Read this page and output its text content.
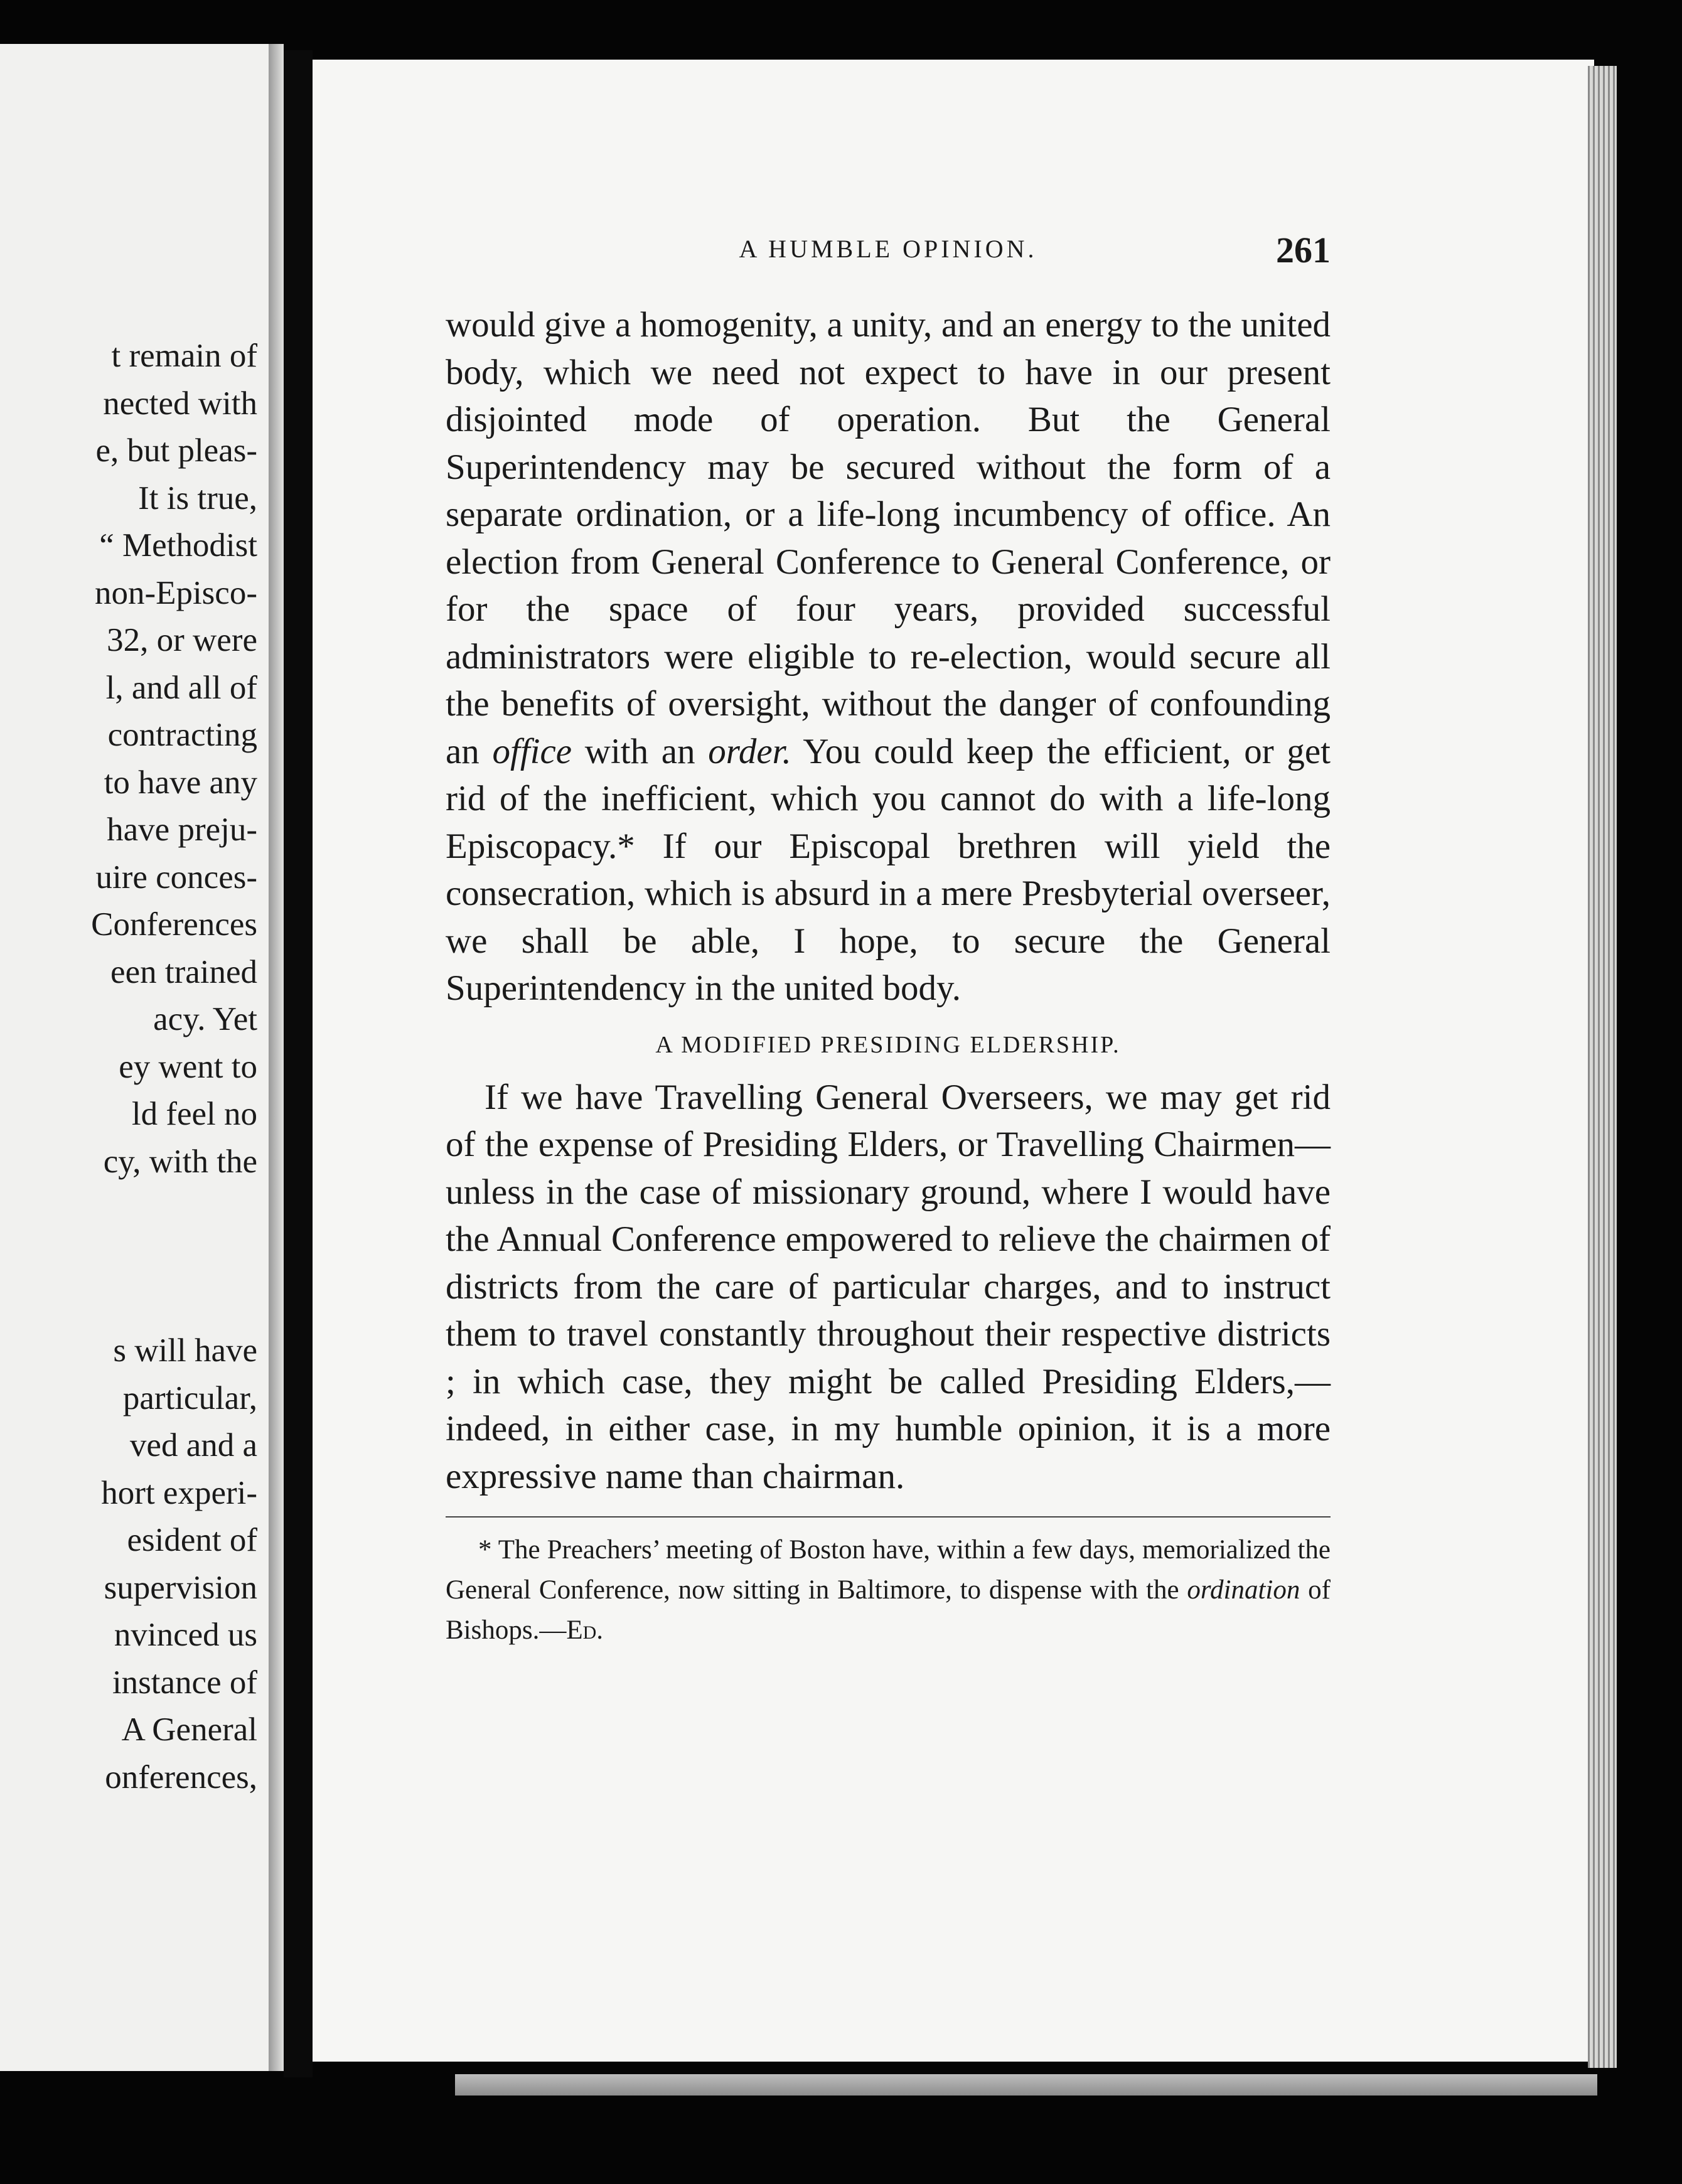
t remain of
nected with
e, but pleas-
It is true,
“ Methodist
non-Episco-
32, or were
l, and all of
contracting
to have any
have preju-
uire conces-
Conferences
een trained
acy. Yet
ey went to
ld feel no
cy, with the
s will have
particular,
ved and a
hort experi-
esident of
supervision
nvinced us
instance of
A General
onferences,
A HUMBLE OPINION.	261

would give a homogenity, a unity, and an energy to the united body, which we need not expect to have in our present disjointed mode of operation. But the General Superintendency may be secured without the form of a separate ordination, or a life-long incumbency of office. An election from General Conference to General Conference, or for the space of four years, provided successful administrators were eligible to re-election, would secure all the benefits of oversight, without the danger of confounding an office with an order. You could keep the efficient, or get rid of the inefficient, which you cannot do with a life-long Episcopacy.* If our Episcopal brethren will yield the consecration, which is absurd in a mere Presbyterial overseer, we shall be able, I hope, to secure the General Superintendency in the united body.

A MODIFIED PRESIDING ELDERSHIP.

If we have Travelling General Overseers, we may get rid of the expense of Presiding Elders, or Travelling Chairmen—unless in the case of missionary ground, where I would have the Annual Conference empowered to relieve the chairmen of districts from the care of particular charges, and to instruct them to travel constantly throughout their respective districts ; in which case, they might be called Presiding Elders,—indeed, in either case, in my humble opinion, it is a more expressive name than chairman.

* The Preachers’ meeting of Boston have, within a few days, memorialized the General Conference, now sitting in Baltimore, to dispense with the ordination of Bishops.—Ed.
